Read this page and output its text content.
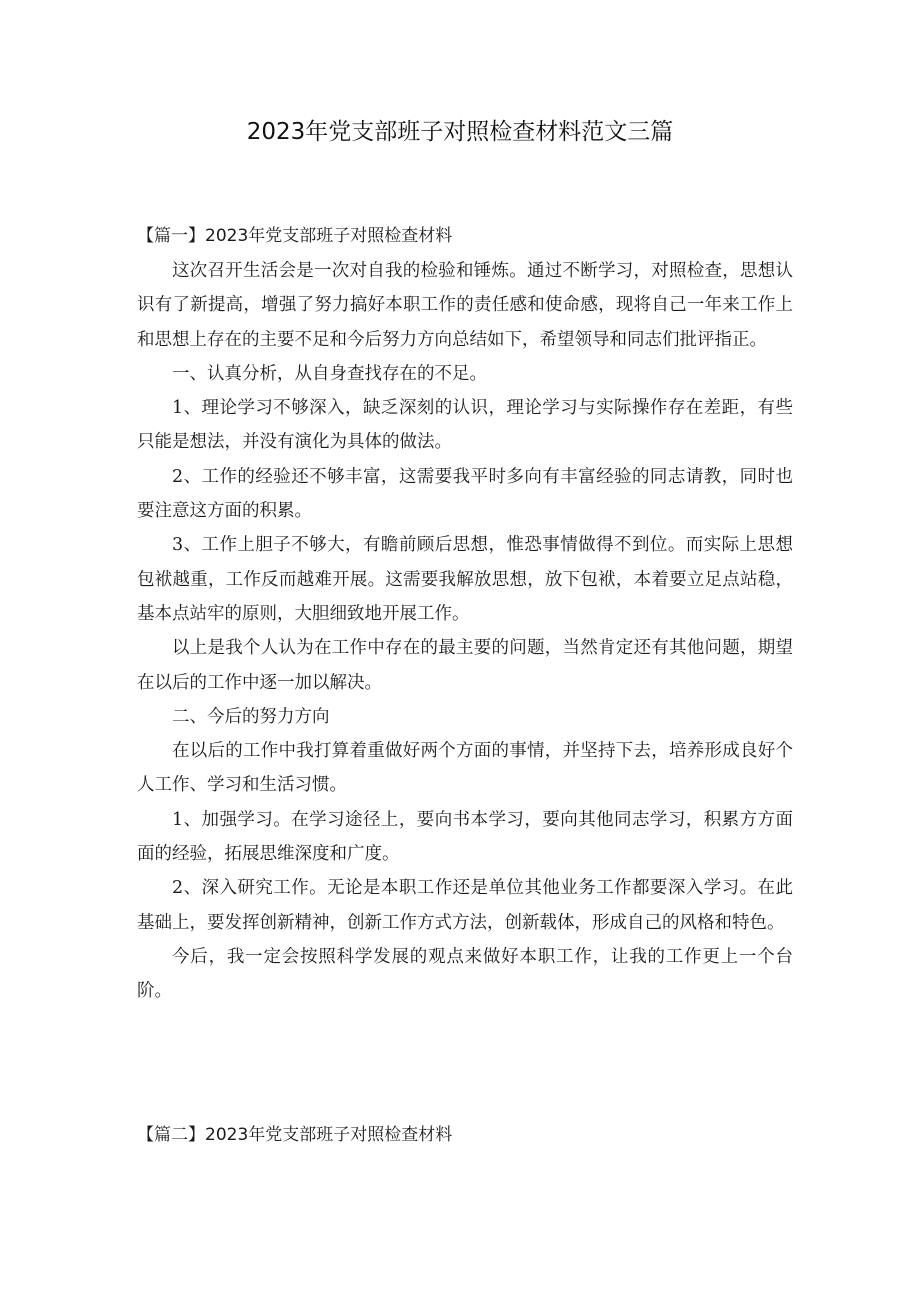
2023年党支部班子对照检查材料范文三篇
【篇一】2023年党支部班子对照检查材料

这次召开生活会是一次对自我的检验和锤炼。通过不断学习，对照检查，思想认识有了新提高，增强了努力搞好本职工作的责任感和使命感，现将自己一年来工作上和思想上存在的主要不足和今后努力方向总结如下，希望领导和同志们批评指正。

一、认真分析，从自身查找存在的不足。

1、理论学习不够深入，缺乏深刻的认识，理论学习与实际操作存在差距，有些只能是想法，并没有演化为具体的做法。

2、工作的经验还不够丰富，这需要我平时多向有丰富经验的同志请教，同时也要注意这方面的积累。

3、工作上胆子不够大，有瞻前顾后思想，惟恐事情做得不到位。而实际上思想包袱越重，工作反而越难开展。这需要我解放思想，放下包袱，本着要立足点站稳，基本点站牢的原则，大胆细致地开展工作。

以上是我个人认为在工作中存在的最主要的问题，当然肯定还有其他问题，期望在以后的工作中逐一加以解决。

二、今后的努力方向

在以后的工作中我打算着重做好两个方面的事情，并坚持下去，培养形成良好个人工作、学习和生活习惯。

1、加强学习。在学习途径上，要向书本学习，要向其他同志学习，积累方方面面的经验，拓展思维深度和广度。

2、深入研究工作。无论是本职工作还是单位其他业务工作都要深入学习。在此基础上，要发挥创新精神，创新工作方式方法，创新载体，形成自己的风格和特色。

今后，我一定会按照科学发展的观点来做好本职工作，让我的工作更上一个台阶。

【篇二】2023年党支部班子对照检查材料
